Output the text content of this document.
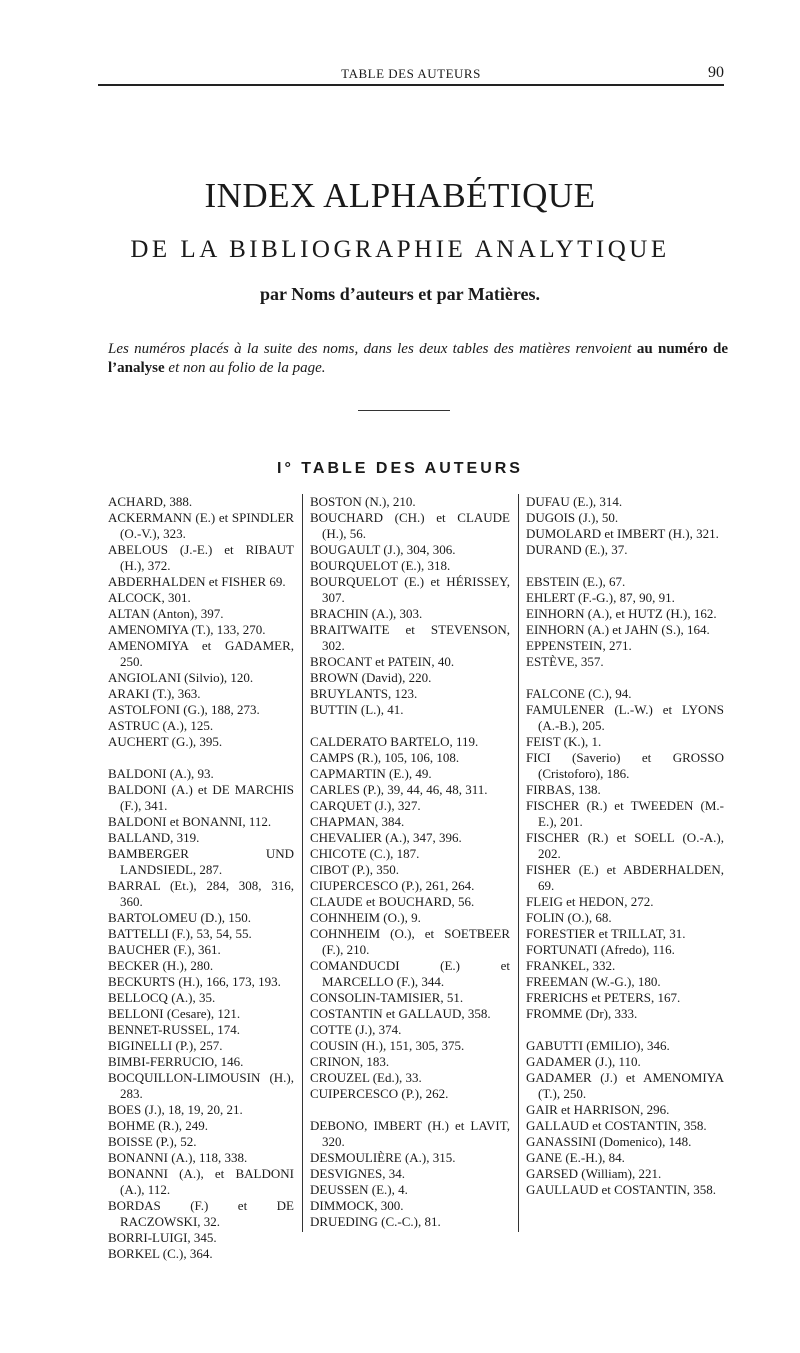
TABLE DES AUTEURS	90
INDEX ALPHABÉTIQUE
DE LA BIBLIOGRAPHIE ANALYTIQUE
par Noms d’auteurs et par Matières.
Les numéros placés à la suite des noms, dans les deux tables des matières renvoient au numéro de l’analyse et non au folio de la page.
I° TABLE DES AUTEURS
ACHARD, 388.
ACKERMANN (E.) et SPINDLER (O.-V.), 323.
ABELOUS (J.-E.) et RIBAUT (H.), 372.
ABDERHALDEN et FISHER 69.
ALCOCK, 301.
ALTAN (Anton), 397.
AMENOMIYA (T.), 133, 270.
AMENOMIYA et GADAMER, 250.
ANGIOLANI (Silvio), 120.
ARAKI (T.), 363.
ASTOLFONI (G.), 188, 273.
ASTRUC (A.), 125.
AUCHERT (G.), 395.
BALDONI (A.), 93.
BALDONI (A.) et DE MARCHIS (F.), 341.
BALDONI et BONANNI, 112.
BALLAND, 319.
BAMBERGER UND LANDSIEDL, 287.
BARRAL (Et.), 284, 308, 316, 360.
BARTOLOMEU (D.), 150.
BATTELLI (F.), 53, 54, 55.
BAUCHER (F.), 361.
BECKER (H.), 280.
BECKURTS (H.), 166, 173, 193.
BELLOCQ (A.), 35.
BELLONI (Cesare), 121.
BENNET-RUSSEL, 174.
BIGINELLI (P.), 257.
BIMBI-FERRUCIO, 146.
BOCQUILLON-LIMOUSIN (H.), 283.
BOES (J.), 18, 19, 20, 21.
BOHME (R.), 249.
BOISSE (P.), 52.
BONANNI (A.), 118, 338.
BONANNI (A.), et BALDONI (A.), 112.
BORDAS (F.) et DE RACZOWSKI, 32.
BORRI-LUIGI, 345.
BORKEL (C.), 364.
BOSTON (N.), 210.
BOUCHARD (CH.) et CLAUDE (H.), 56.
BOUGAULT (J.), 304, 306.
BOURQUELOT (E.), 318.
BOURQUELOT (E.) et HÉRISSEY, 307.
BRACHIN (A.), 303.
BRAITWAITE et STEVENSON, 302.
BROCANT et PATEIN, 40.
BROWN (David), 220.
BRUYLANTS, 123.
BUTTIN (L.), 41.
CALDERATO BARTELO, 119.
CAMPS (R.), 105, 106, 108.
CAPMARTIN (E.), 49.
CARLES (P.), 39, 44, 46, 48, 311.
CARQUET (J.), 327.
CHAPMAN, 384.
CHEVALIER (A.), 347, 396.
CHICOTE (C.), 187.
CIBOT (P.), 350.
CIUPERCESCO (P.), 261, 264.
CLAUDE et BOUCHARD, 56.
COHNHEIM (O.), 9.
COHNHEIM (O.), et SOETBEER (F.), 210.
COMANDUCDI (E.) et MARCELLO (F.), 344.
CONSOLIN-TAMISIER, 51.
COSTANTIN et GALLAUD, 358.
COTTE (J.), 374.
COUSIN (H.), 151, 305, 375.
CRINON, 183.
CROUZEL (Ed.), 33.
CUIPERCESCO (P.), 262.
DEBONO, IMBERT (H.) et LAVIT, 320.
DESMOULIÈRE (A.), 315.
DESVIGNES, 34.
DEUSSEN (E.), 4.
DIMMOCK, 300.
DRUEDING (C.-C.), 81.
DUFAU (E.), 314.
DUGOIS (J.), 50.
DUMOLARD et IMBERT (H.), 321.
DURAND (E.), 37.
EBSTEIN (E.), 67.
EHLERT (F.-G.), 87, 90, 91.
EINHORN (A.), et HUTZ (H.), 162.
EINHORN (A.) et JAHN (S.), 164.
EPPENSTEIN, 271.
ESTÈVE, 357.
FALCONE (C.), 94.
FAMULENER (L.-W.) et LYONS (A.-B.), 205.
FEIST (K.), 1.
FICI (Saverio) et GROSSO (Cristoforo), 186.
FIRBAS, 138.
FISCHER (R.) et TWEEDEN (M.-E.), 201.
FISCHER (R.) et SOELL (O.-A.), 202.
FISHER (E.) et ABDERHALDEN, 69.
FLEIG et HEDON, 272.
FOLIN (O.), 68.
FORESTIER et TRILLAT, 31.
FORTUNATI (Afredo), 116.
FRANKEL, 332.
FREEMAN (W.-G.), 180.
FRERICHS et PETERS, 167.
FROMME (Dr), 333.
GABUTTI (EMILIO), 346.
GADAMER (J.), 110.
GADAMER (J.) et AMENOMIYA (T.), 250.
GAIR et HARRISON, 296.
GALLAUD et COSTANTIN, 358.
GANASSINI (Domenico), 148.
GANE (E.-H.), 84.
GARSED (William), 221.
GAULLAUD et COSTANTIN, 358.
